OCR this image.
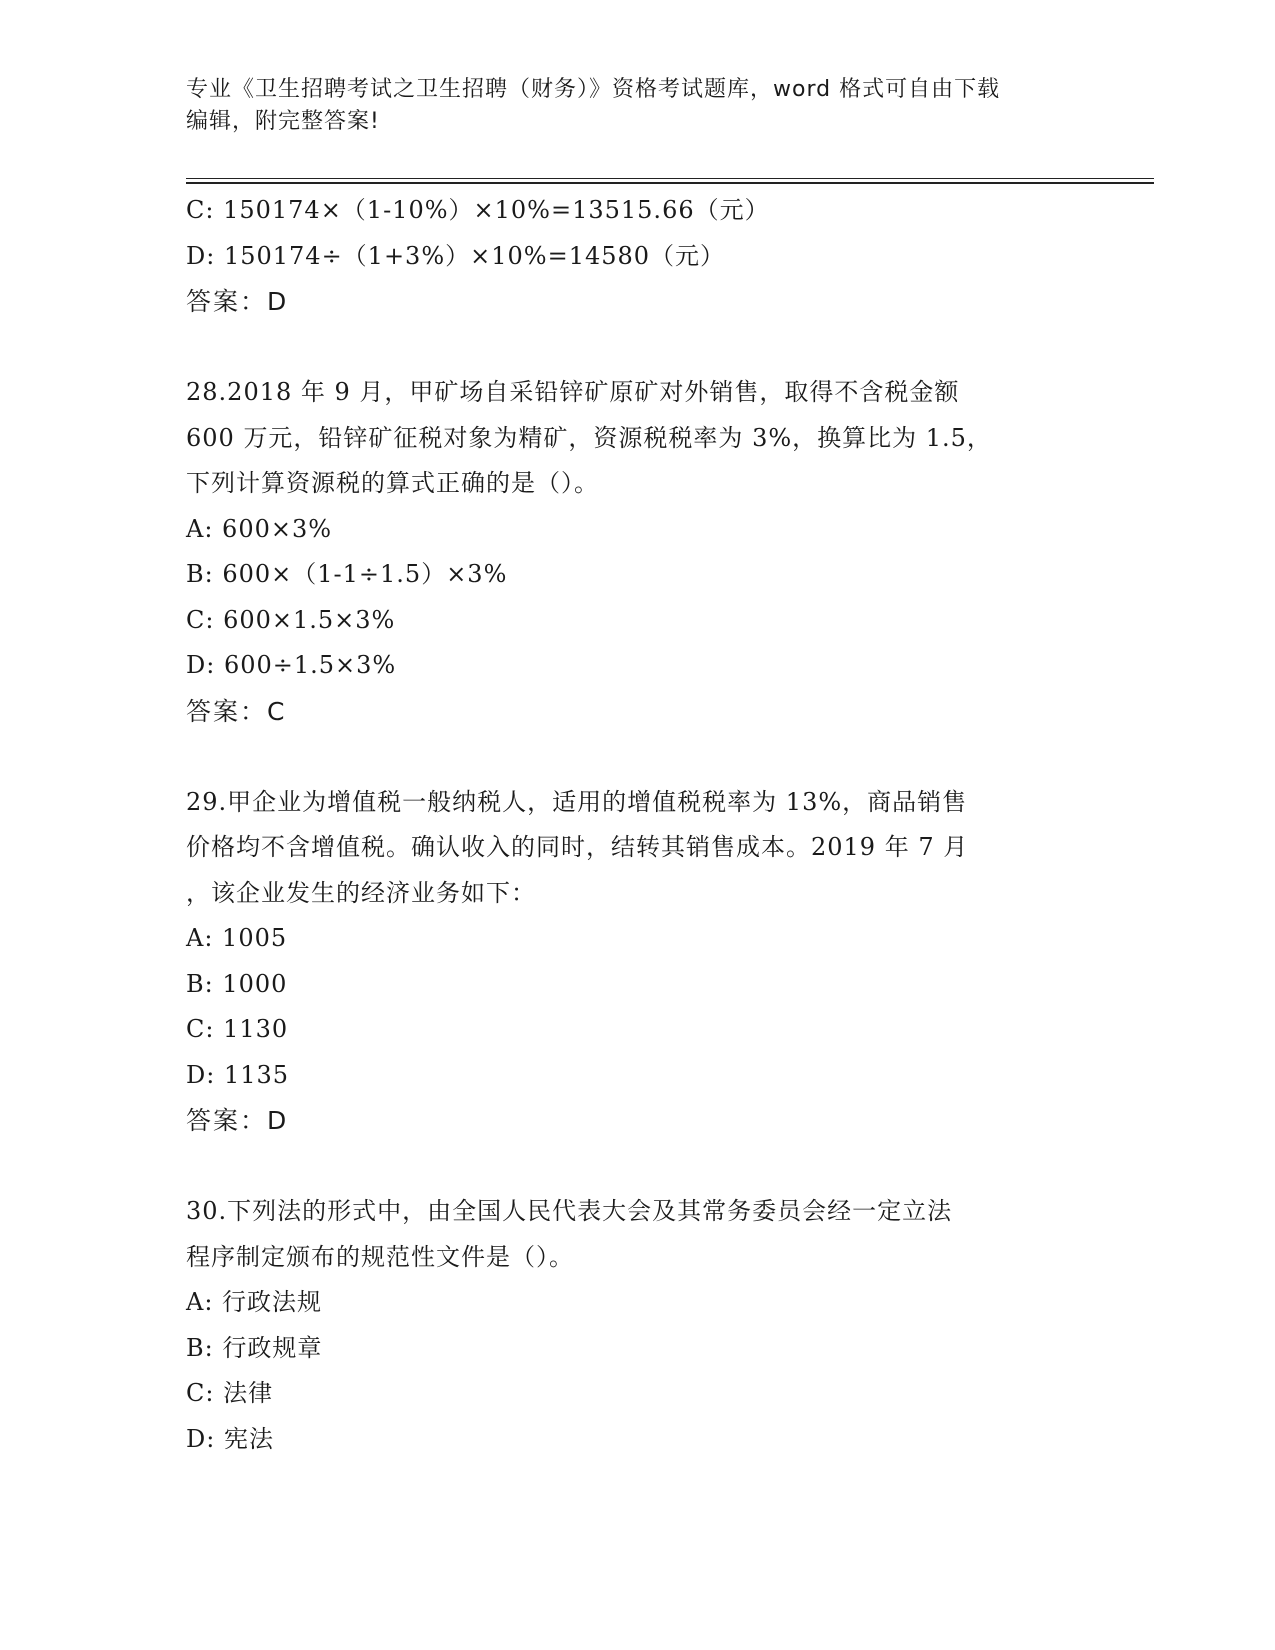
专业《卫生招聘考试之卫生招聘（财务）》资格考试题库，word 格式可自由下载
编辑，附完整答案!
C: 150174×（1-10%）×10%=13515.66（元）
D: 150174÷（1+3%）×10%=14580（元）
答案：D
28.2018 年 9 月，甲矿场自采铅锌矿原矿对外销售，取得不含税金额
600 万元，铅锌矿征税对象为精矿，资源税税率为 3%，换算比为 1.5，
下列计算资源税的算式正确的是（）。
A: 600×3%
B: 600×（1-1÷1.5）×3%
C: 600×1.5×3%
D: 600÷1.5×3%
答案：C
29.甲企业为增值税一般纳税人，适用的增值税税率为 13%，商品销售
价格均不含增值税。确认收入的同时，结转其销售成本。2019 年 7 月
，该企业发生的经济业务如下：
A: 1005
B: 1000
C: 1130
D: 1135
答案：D
30.下列法的形式中，由全国人民代表大会及其常务委员会经一定立法
程序制定颁布的规范性文件是（）。
A: 行政法规
B: 行政规章
C: 法律
D: 宪法
